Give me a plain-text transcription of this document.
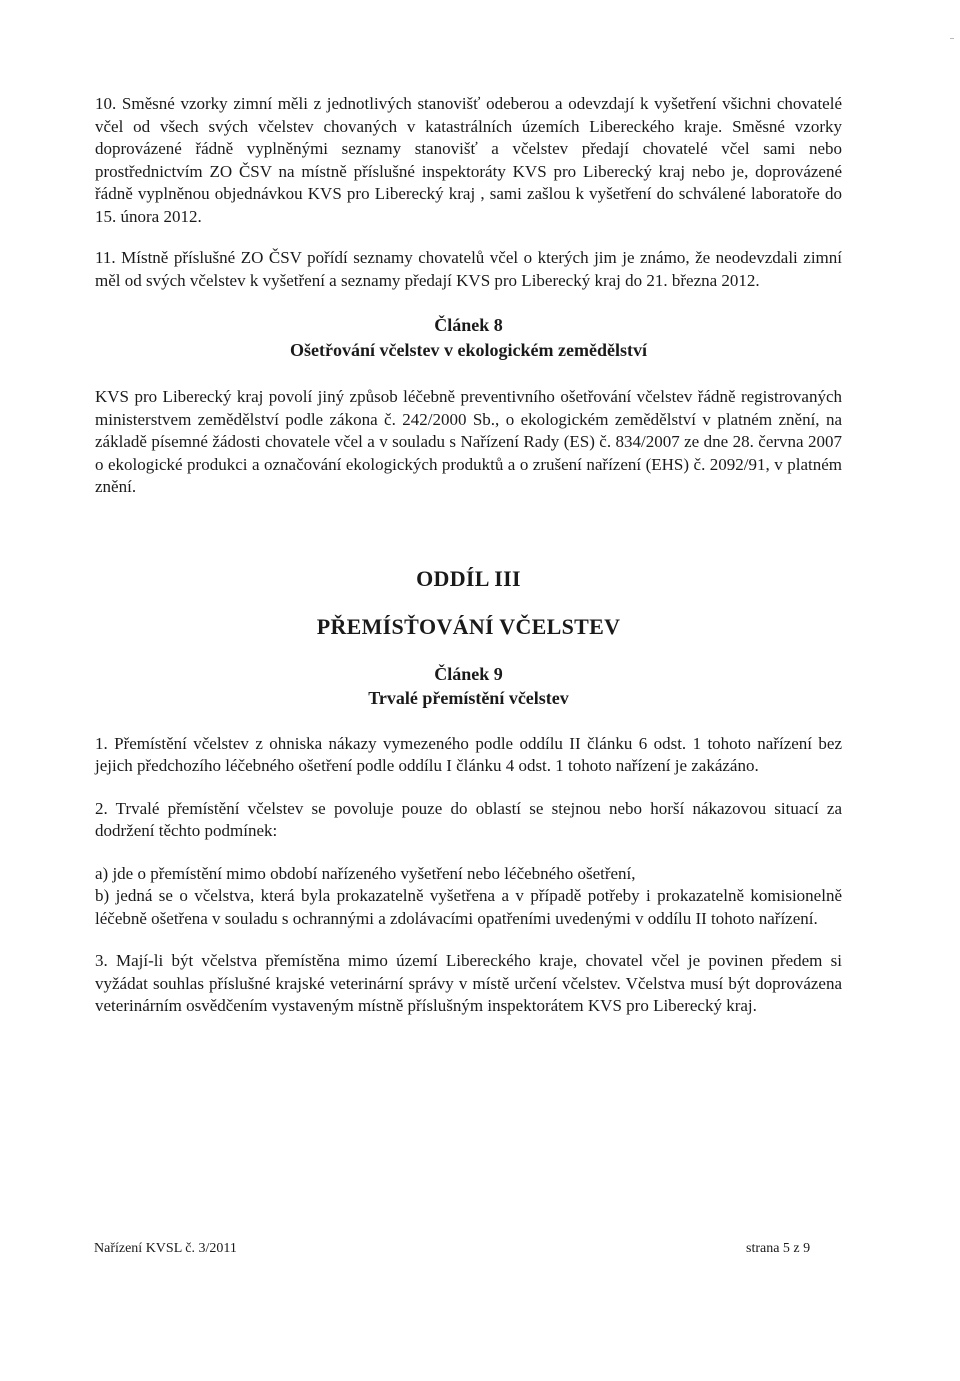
10. Směsné vzorky zimní měli z jednotlivých stanovišť odeberou a odevzdají k vyšetření všichni chovatelé včel od všech svých včelstev chovaných v katastrálních územích Libereckého kraje. Směsné vzorky doprovázené řádně vyplněnými seznamy stanovišť a včelstev předají chovatelé včel sami nebo prostřednictvím ZO ČSV na místně příslušné inspektoráty KVS pro Liberecký kraj nebo je, doprovázené řádně vyplněnou objednávkou KVS pro Liberecký kraj , sami zašlou k vyšetření do schválené laboratoře do 15. února 2012.

11. Místně příslušné ZO ČSV pořídí seznamy chovatelů včel o kterých jim je známo, že neodevzdali zimní měl od svých včelstev k vyšetření a seznamy předají KVS pro Liberecký kraj do 21. března 2012.

Článek 8
Ošetřování včelstev v ekologickém zemědělství

KVS pro Liberecký kraj povolí jiný způsob léčebně preventivního ošetřování včelstev řádně registrovaných ministerstvem zemědělství podle zákona č. 242/2000 Sb., o ekologickém zemědělství v platném znění, na základě písemné žádosti chovatele včel a v souladu s Nařízení Rady (ES) č. 834/2007 ze dne 28. června 2007 o ekologické produkci a označování ekologických produktů a o zrušení nařízení (EHS) č. 2092/91, v platném znění.

ODDÍL III
PŘEMÍSŤOVÁNÍ VČELSTEV
Článek 9
Trvalé přemístění včelstev

1. Přemístění včelstev z ohniska nákazy vymezeného podle oddílu II článku 6 odst. 1 tohoto nařízení bez jejich předchozího léčebného ošetření podle oddílu I článku 4 odst. 1 tohoto nařízení je zakázáno.

2. Trvalé přemístění včelstev se povoluje pouze do oblastí se stejnou nebo horší nákazovou situací za dodržení těchto podmínek:

a) jde o přemístění mimo období nařízeného vyšetření nebo léčebného ošetření,

b) jedná se o včelstva, která byla prokazatelně vyšetřena a v případě potřeby i prokazatelně komisionelně léčebně ošetřena v souladu s ochrannými a zdolávacími opatřeními uvedenými v oddílu II tohoto nařízení.

3. Mají-li být včelstva přemístěna mimo území Libereckého kraje, chovatel včel je povinen předem si vyžádat souhlas příslušné krajské veterinární správy v místě určení včelstev. Včelstva musí být doprovázena veterinárním osvědčením vystaveným místně příslušným inspektorátem KVS pro Liberecký kraj.

Nařízení KVSL č. 3/2011	strana 5 z 9
